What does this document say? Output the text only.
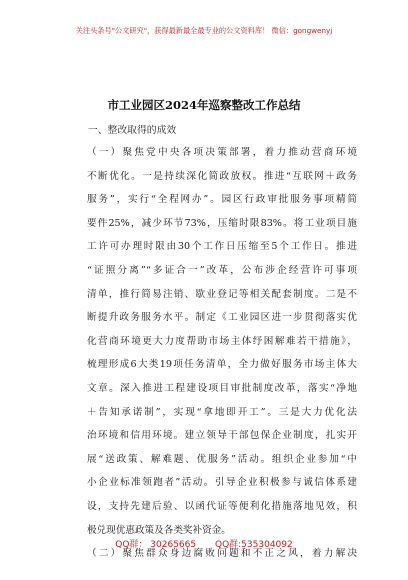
关注头条号"公文研究"，获得最新最全最专业的公文资料库！ 微信：gongwenyj
市工业园区2024年巡察整改工作总结
一、整改取得的成效
（一）聚焦党中央各项决策部署，着力推动营商环境
不断优化。一是持续深化简政放权。推进“互联网＋政务
服务”，实行“全程网办”。园区行政审批服务事项精简
要件25%，减少环节73%，压缩时限83%。将工业项目施
工许可办理时限由30个工作日压缩至5个工作日。推进
“证照分离”“多证合一”改革，公布涉企经营许可事项
清单，推行简易注销、歇业登记等相关配套制度。二是不
断提升政务服务水平。制定《工业园区进一步贯彻落实优
化营商环境更大力度帮助市场主体纾困解难若干措施》，
梳理形成6大类19项任务清单，全力做好服务市场主体大
文章。深入推进工程建设项目审批制度改革，落实“净地
＋告知承诺制”，实现“拿地即开工”。三是大力优化法
治环境和信用环境。建立领导干部包保企业制度，扎实开
展“送政策、解难题、优服务”活动。组织企业参加“中
小企业标准领跑者”活动。引导企业积极参与诚信体系建
设，支持先建后验、以函代证等便利化措施落地见效，积
极兑现优惠政策及各类奖补资金。
（二）聚焦群众身边腐败问题和不正之风，着力解决
QQ群： 30265665 QQ群:535304092
